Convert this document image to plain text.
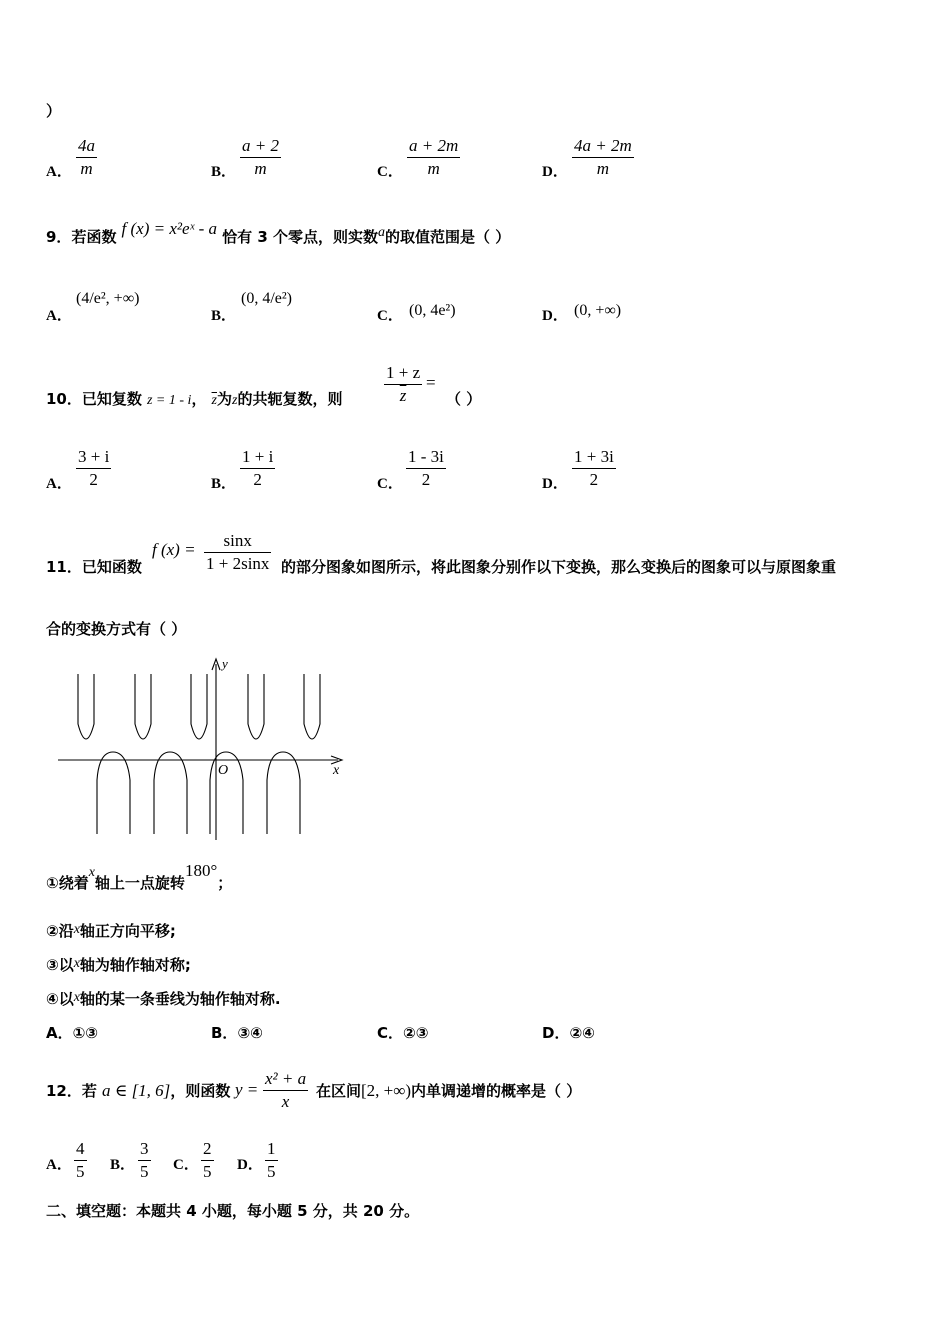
）
A．
4a
m	B．
a + 2
m	C．
a + 2m
m	D．
4a + 2m
m
9．若函数 f (x) = x²eˣ - a 恰有 3 个零点，则实数a的取值范围是（ ）
A．
(4/e², +∞)
B．
(0, 4/e²)
C． (0, 4e²)	D． (0, +∞)
10．已知复数 z = 1 - i， $\overline{z}$为z的共轭复数，则 $\frac{1 + z}{z}$ =
（ ）
A．
3 + i
2	B．
1 + i
2	C．
1 - 3i
2	D．
1 + 3i
2
11．已知函数
f (x) =	sinx
1 + 2sinx 的部分图象如图所示，将此图象分别作以下变换，那么变换后的图象可以与原图象重
合的变换方式有（ ）
x
y
O
①绕着x轴上一点旋转180°；
②沿x轴正方向平移;
③以x轴为轴作轴对称;
④以x轴的某一条垂线为轴作轴对称.
A．①③	B．③④	C．②③	D．②④
12．若 a ∈ [1, 6]，则函数 y =
x² + a
x
在区间[2, +∞)内单调递增的概率是（ ）
A．
4
5 B．
3
5 C．
2
5 D．
1
5
二、填空题：本题共 4 小题，每小题 5 分，共 20 分。
